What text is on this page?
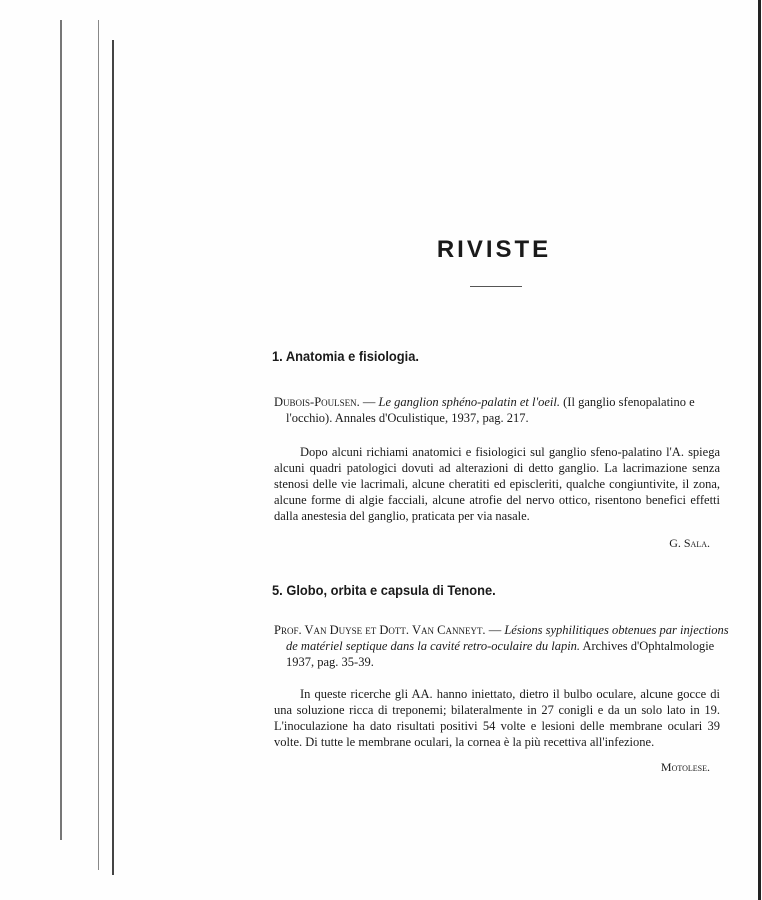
RIVISTE
1. Anatomia e fisiologia.

Dubois-Poulsen. — Le ganglion sphéno-palatin et l'oeil. (Il ganglio sfenopalatino e l'occhio). Annales d'Oculistique, 1937, pag. 217.

Dopo alcuni richiami anatomici e fisiologici sul ganglio sfeno-palatino l'A. spiega alcuni quadri patologici dovuti ad alterazioni di detto ganglio. La lacrimazione senza stenosi delle vie lacrimali, alcune cheratiti ed episcleriti, qualche congiuntivite, il zona, alcune forme di algie facciali, alcune atrofie del nervo ottico, risentono benefici effetti dalla anestesia del ganglio, praticata per via nasale.

G. Sala.

5. Globo, orbita e capsula di Tenone.

Prof. Van Duyse et Dott. Van Canneyt. — Lésions syphilitiques obtenues par injections de matériel septique dans la cavité retro-oculaire du lapin. Archives d'Ophtalmologie 1937, pag. 35-39.

In queste ricerche gli AA. hanno iniettato, dietro il bulbo oculare, alcune gocce di una soluzione ricca di treponemi; bilateralmente in 27 conigli e da un solo lato in 19. L'inoculazione ha dato risultati positivi 54 volte e lesioni delle membrane oculari 39 volte. Di tutte le membrane oculari, la cornea è la più recettiva all'infezione.

Motolese.
